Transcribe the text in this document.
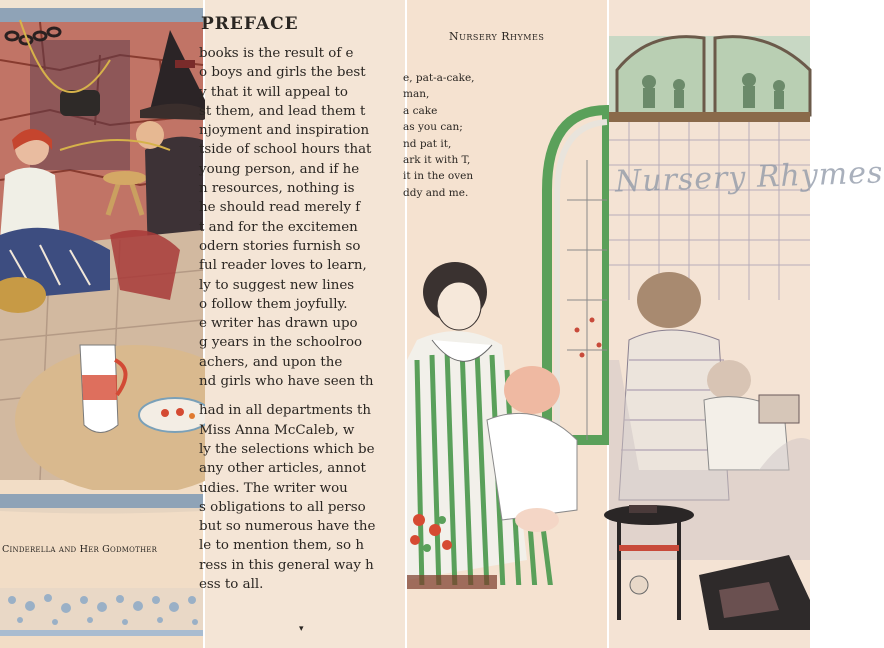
Cinderella and Her Godmother
PREFACE
books is the result of e
o boys and girls the best
y that it will appeal to
st them, and lead them t
njoyment and inspiration
tside of school hours that
young person, and if he
n resources, nothing is
he should read merely f
t and for the excitemen
odern stories furnish so
ful reader loves to learn,
ly to suggest new lines
o follow them joyfully.
e writer has drawn upo
g years in the schoolroo
achers, and upon the
nd girls who have seen th
had in all departments th
Miss Anna McCaleb, w
ly the selections which be
any other articles, annot
udies. The writer wou
s obligations to all perso
but so numerous have the
le to mention them, so h
ress in this general way h
ess to all.
▾
Nursery Rhymes
e, pat-a-cake,
man,
a cake
as you can;
nd pat it,
ark it with T,
it in the oven
ddy and me.	Nursery Rhymes
